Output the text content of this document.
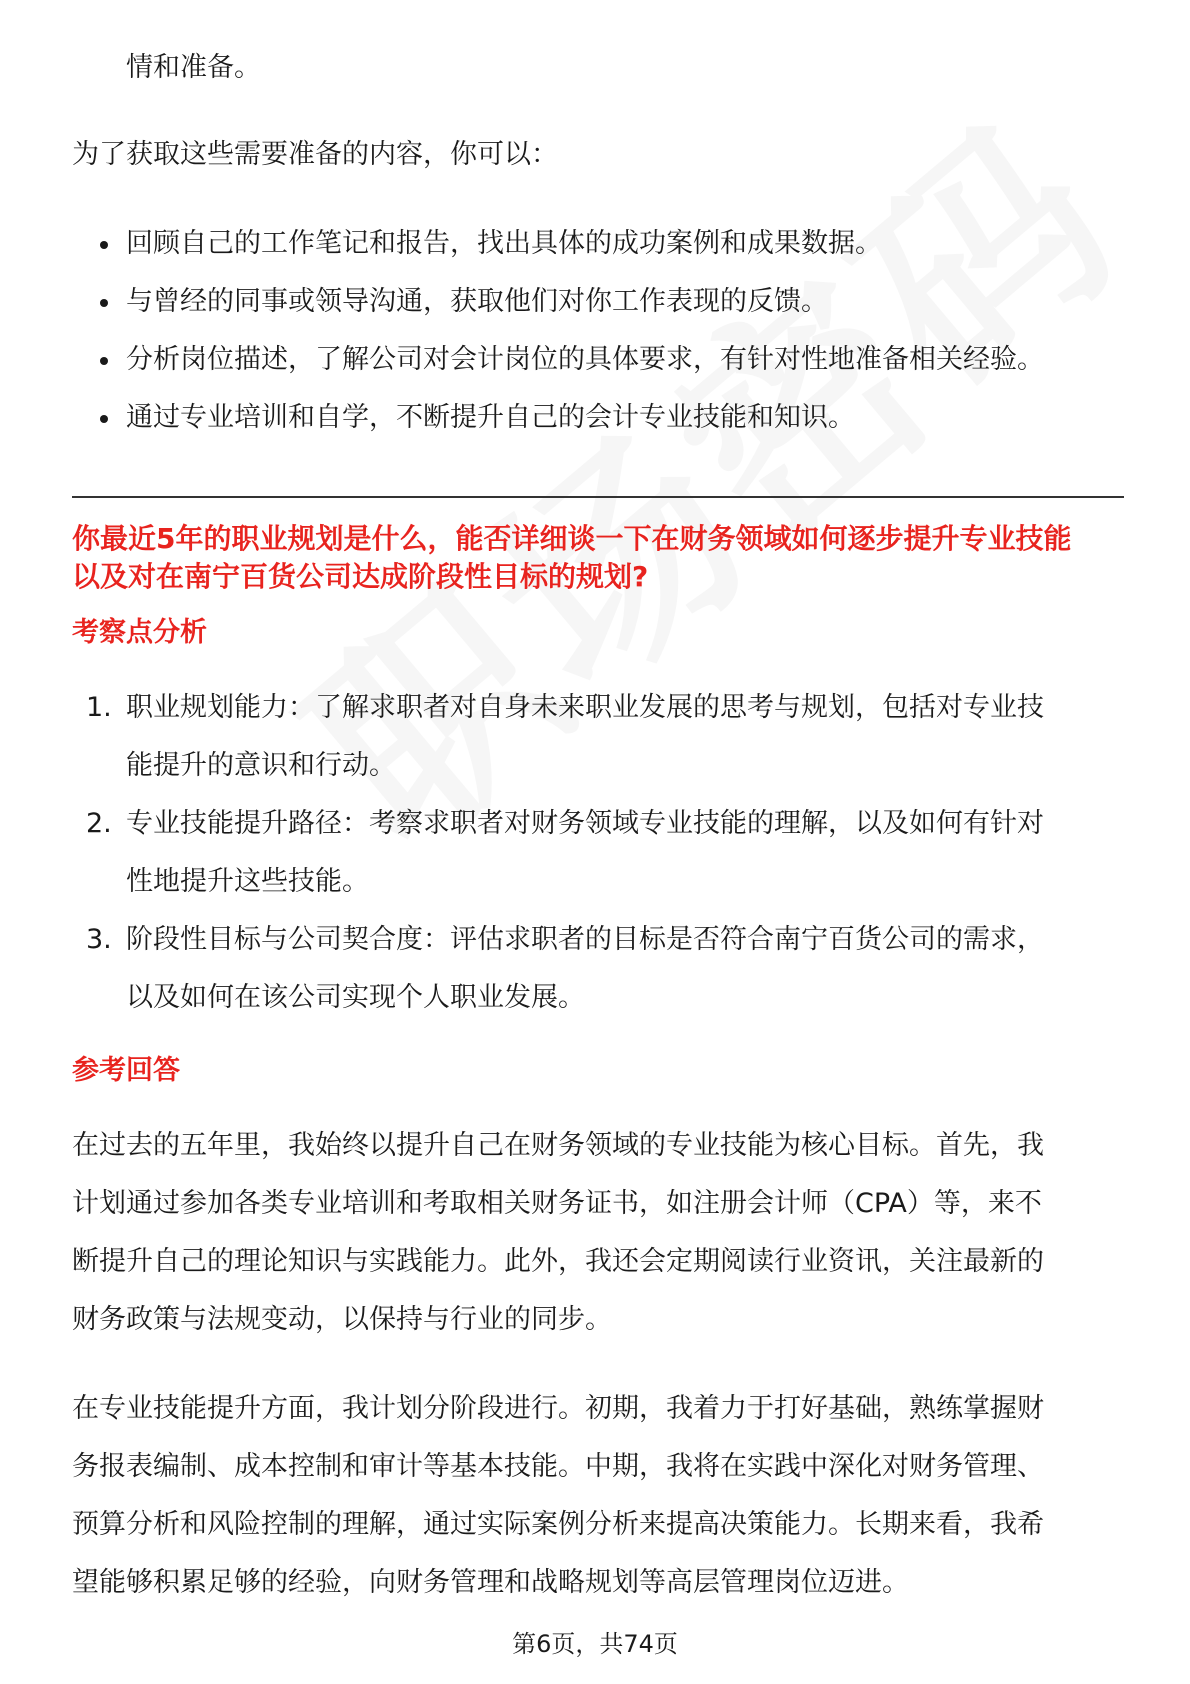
情和准备。
为了获取这些需要准备的内容，你可以：
回顾自己的工作笔记和报告，找出具体的成功案例和成果数据。
与曾经的同事或领导沟通，获取他们对你工作表现的反馈。
分析岗位描述，了解公司对会计岗位的具体要求，有针对性地准备相关经验。
通过专业培训和自学，不断提升自己的会计专业技能和知识。
你最近5年的职业规划是什么，能否详细谈一下在财务领域如何逐步提升专业技能
以及对在南宁百货公司达成阶段性目标的规划?
考察点分析
1. 职业规划能力：了解求职者对自身未来职业发展的思考与规划，包括对专业技
能提升的意识和行动。
2. 专业技能提升路径：考察求职者对财务领域专业技能的理解，以及如何有针对
性地提升这些技能。
3. 阶段性目标与公司契合度：评估求职者的目标是否符合南宁百货公司的需求，
以及如何在该公司实现个人职业发展。
参考回答
在过去的五年里，我始终以提升自己在财务领域的专业技能为核心目标。首先，我
计划通过参加各类专业培训和考取相关财务证书，如注册会计师（CPA）等，来不
断提升自己的理论知识与实践能力。此外，我还会定期阅读行业资讯，关注最新的
财务政策与法规变动，以保持与行业的同步。
在专业技能提升方面，我计划分阶段进行。初期，我着力于打好基础，熟练掌握财
务报表编制、成本控制和审计等基本技能。中期，我将在实践中深化对财务管理、
预算分析和风险控制的理解，通过实际案例分析来提高决策能力。长期来看，我希
望能够积累足够的经验，向财务管理和战略规划等高层管理岗位迈进。
第6页，共74页
